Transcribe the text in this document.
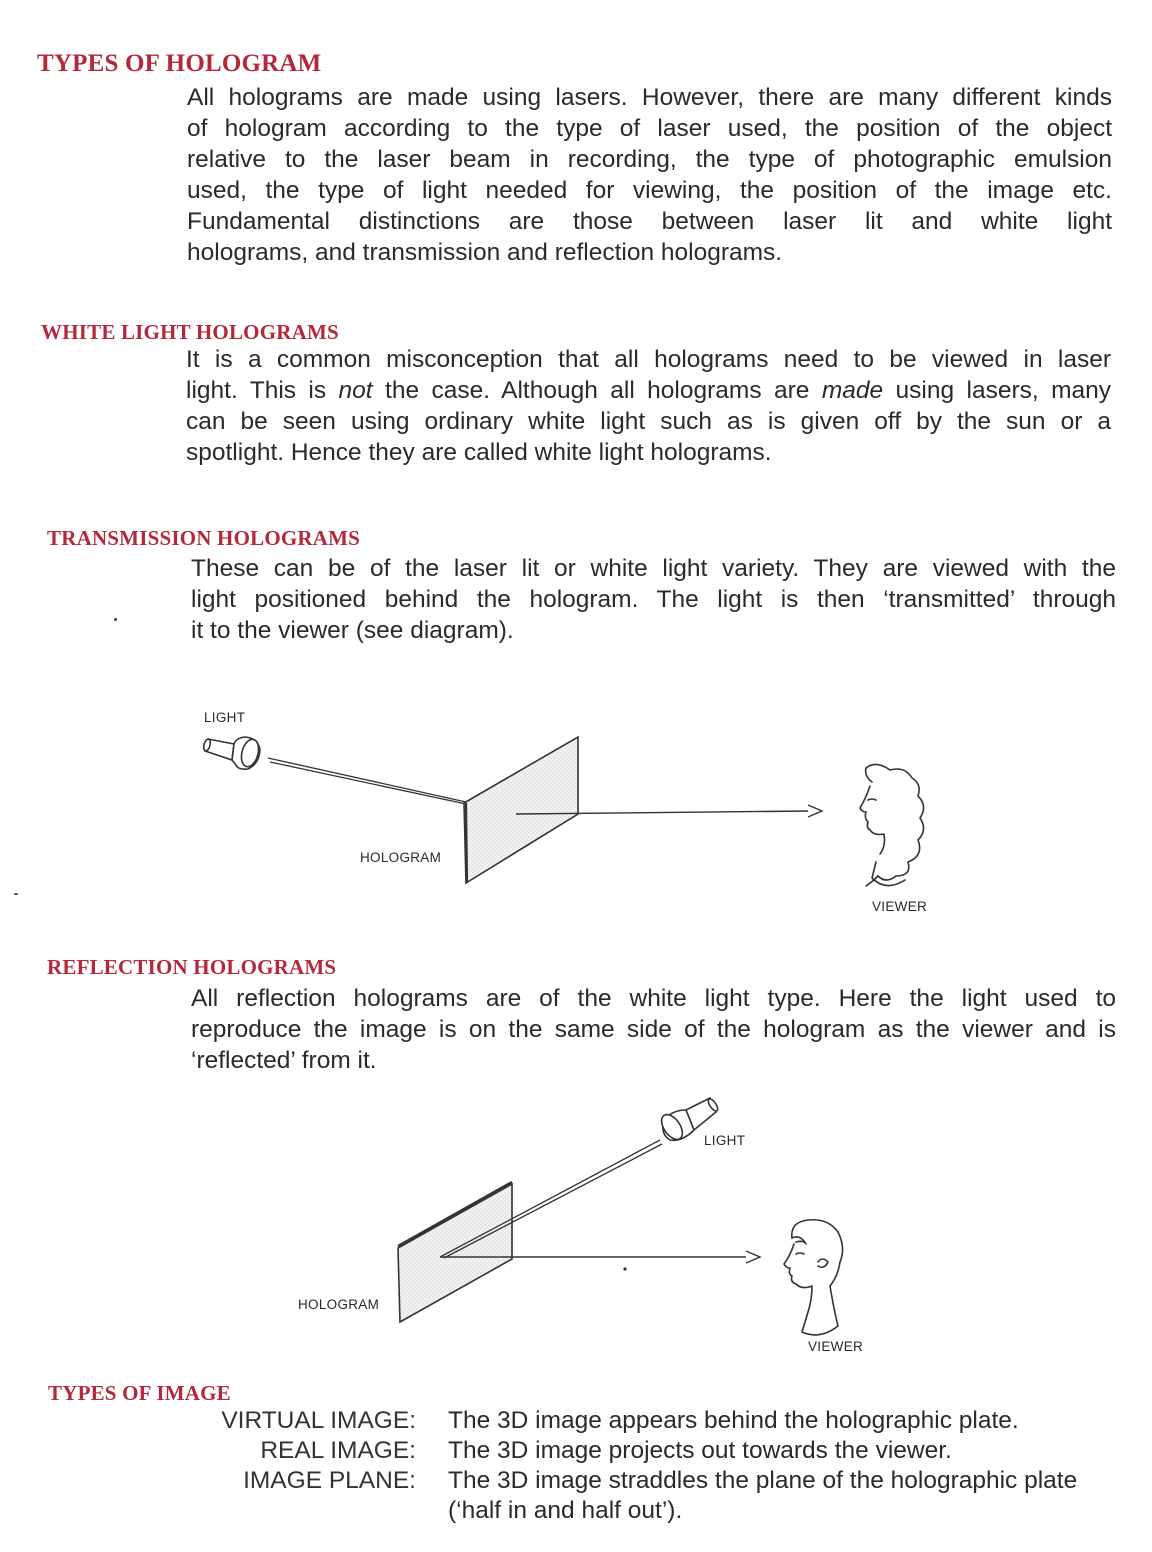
TYPES OF HOLOGRAM
All holograms are made using lasers. However, there are many different kinds
of hologram according to the type of laser used, the position of the object
relative to the laser beam in recording, the type of photographic emulsion
used, the type of light needed for viewing, the position of the image etc.
Fundamental distinctions are those between laser lit and white light
holograms, and transmission and reflection holograms.
WHITE LIGHT HOLOGRAMS
It is a common misconception that all holograms need to be viewed in laser
light. This is not the case. Although all holograms are made using lasers, many
can be seen using ordinary white light such as is given off by the sun or a
spotlight. Hence they are called white light holograms.
TRANSMISSION HOLOGRAMS
These can be of the laser lit or white light variety. They are viewed with the
light positioned behind the hologram. The light is then ‘transmitted’ through
it to the viewer (see diagram).
LIGHT
HOLOGRAM
VIEWER
REFLECTION HOLOGRAMS
All reflection holograms are of the white light type. Here the light used to
reproduce the image is on the same side of the hologram as the viewer and is
‘reflected’ from it.
HOLOGRAM
LIGHT
VIEWER
TYPES OF IMAGE
VIRTUAL IMAGE:	The 3D image appears behind the holographic plate.
REAL IMAGE:	The 3D image projects out towards the viewer.
IMAGE PLANE:	The 3D image straddles the plane of the holographic plate (‘half in and half out’).
